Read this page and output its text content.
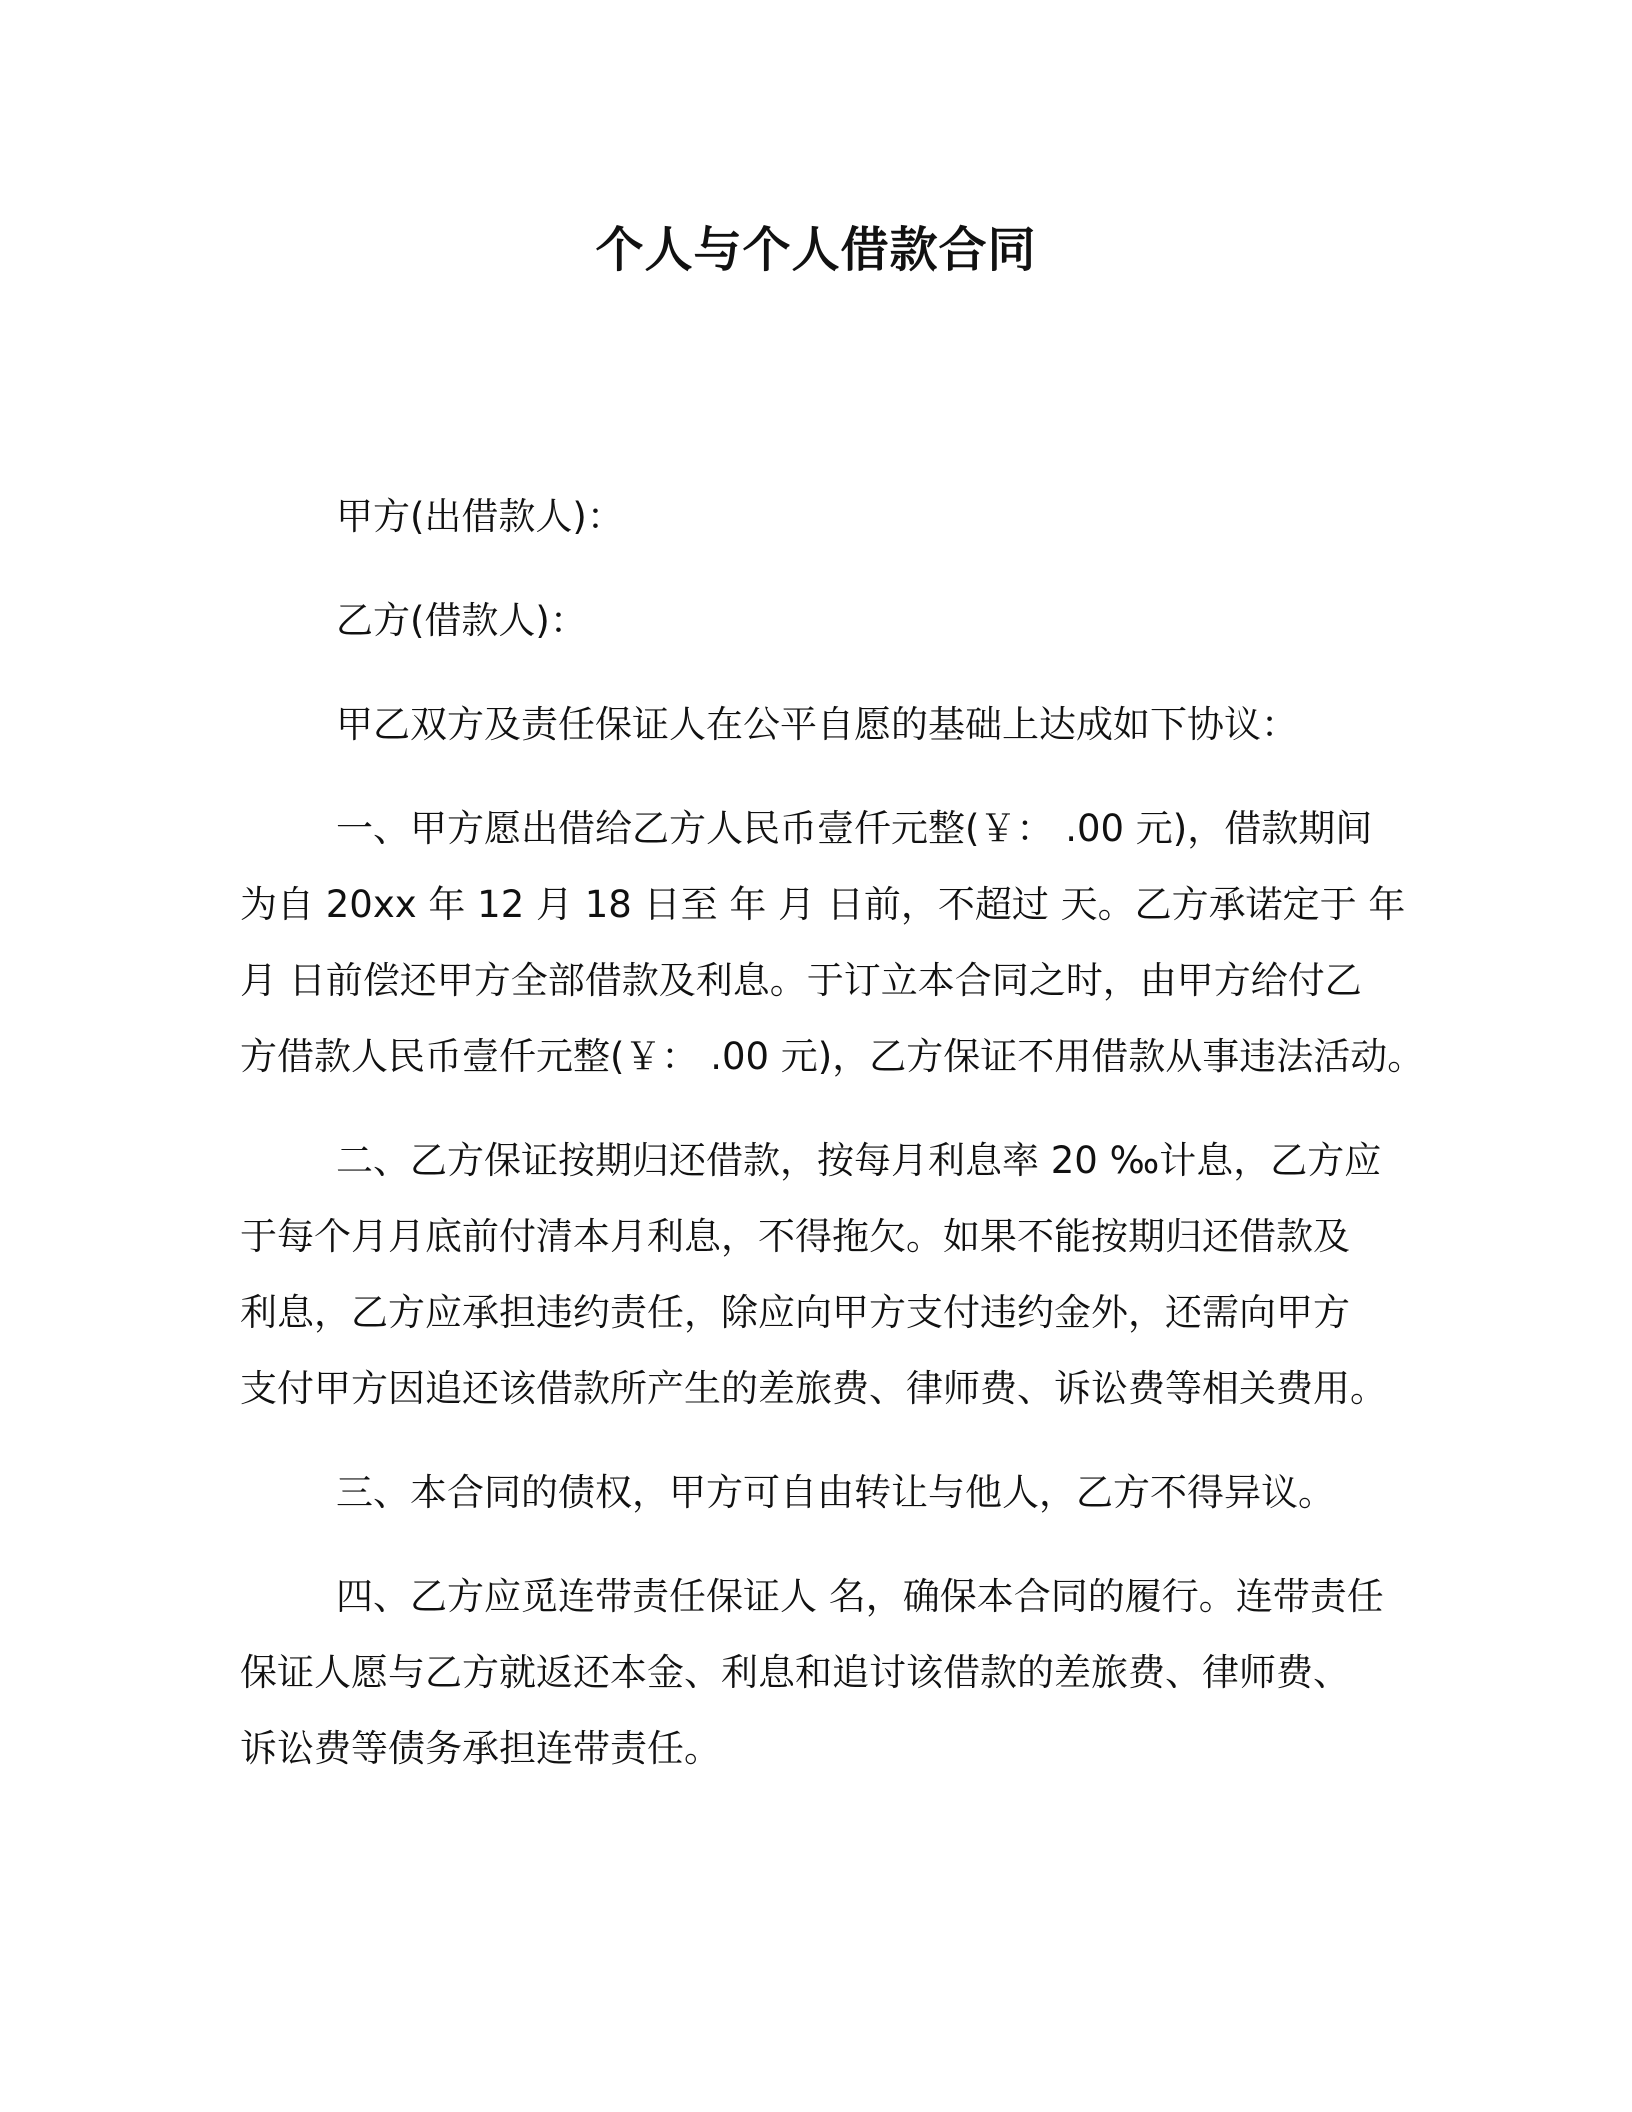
个人与个人借款合同
甲方(出借款人)：
乙方(借款人)：
甲乙双方及责任保证人在公平自愿的基础上达成如下协议：
一、甲方愿出借给乙方人民币壹仟元整(￥： .00 元)，借款期间
为自 20xx 年 12 月 18 日至 年 月 日前，不超过 天。乙方承诺定于 年
月 日前偿还甲方全部借款及利息。于订立本合同之时，由甲方给付乙
方借款人民币壹仟元整(￥： .00 元)，乙方保证不用借款从事违法活动。
二、乙方保证按期归还借款，按每月利息率 20 ‰计息，乙方应
于每个月月底前付清本月利息，不得拖欠。如果不能按期归还借款及
利息，乙方应承担违约责任，除应向甲方支付违约金外，还需向甲方
支付甲方因追还该借款所产生的差旅费、律师费、诉讼费等相关费用。
三、本合同的债权，甲方可自由转让与他人，乙方不得异议。
四、乙方应觅连带责任保证人 名，确保本合同的履行。连带责任
保证人愿与乙方就返还本金、利息和追讨该借款的差旅费、律师费、
诉讼费等债务承担连带责任。
